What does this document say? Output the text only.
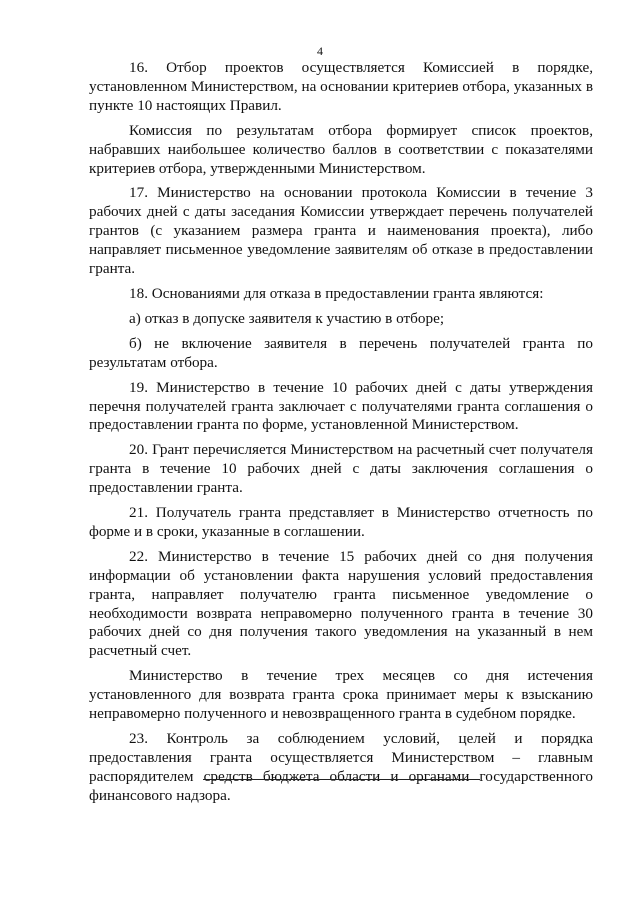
4

16. Отбор проектов осуществляется Комиссией в порядке, установленном Министерством, на основании критериев отбора, указанных в пункте 10 настоящих Правил.

Комиссия по результатам отбора формирует список проектов, набравших наибольшее количество баллов в соответствии с показателями критериев отбора, утвержденными Министерством.

17. Министерство на основании протокола Комиссии в течение 3 рабочих дней с даты заседания Комиссии утверждает перечень получателей грантов (с указанием размера гранта и наименования проекта), либо направляет письменное уведомление заявителям об отказе в предоставлении гранта.

18. Основаниями для отказа в предоставлении гранта являются:

а) отказ в допуске заявителя к участию в отборе;

б) не включение заявителя в перечень получателей гранта по результатам отбора.

19. Министерство в течение 10 рабочих дней с даты утверждения перечня получателей гранта заключает с получателями гранта соглашения о предоставлении гранта по форме, установленной Министерством.

20. Грант перечисляется Министерством на расчетный счет получателя гранта в течение 10 рабочих дней с даты заключения соглашения о предоставлении гранта.

21. Получатель гранта представляет в Министерство отчетность по форме и в сроки, указанные в соглашении.

22. Министерство в течение 15 рабочих дней со дня получения информации об установлении факта нарушения условий предоставления гранта, направляет получателю гранта письменное уведомление о необходимости возврата неправомерно полученного гранта в течение 30 рабочих дней со дня получения такого уведомления на указанный в нем расчетный счет.

Министерство в течение трех месяцев со дня истечения установленного для возврата гранта срока принимает меры к взысканию неправомерно полученного и невозвращенного гранта в судебном порядке.

23. Контроль за соблюдением условий, целей и порядка предоставления гранта осуществляется Министерством – главным распорядителем средств бюджета области и органами государственного финансового надзора.
